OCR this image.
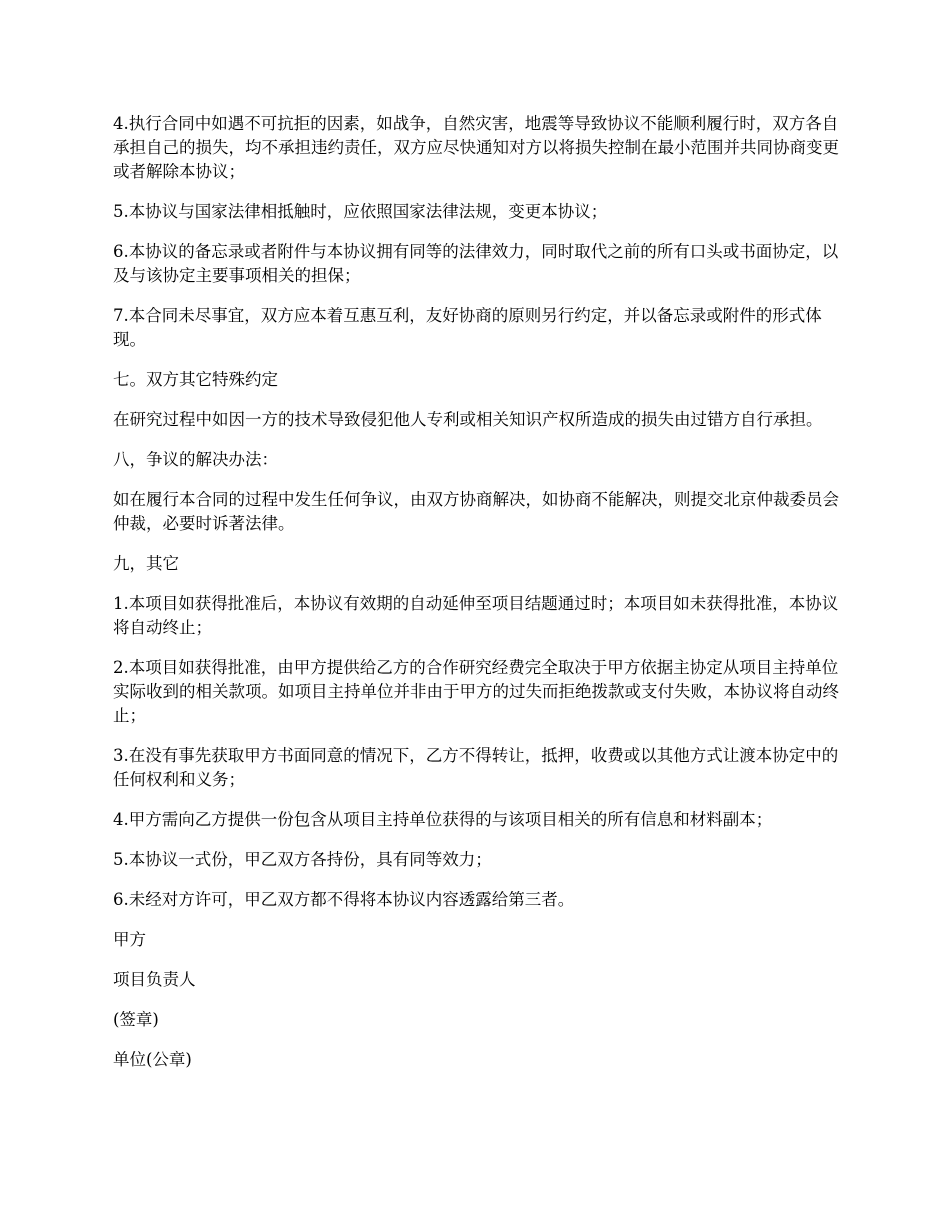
4.执行合同中如遇不可抗拒的因素，如战争，自然灾害，地震等导致协议不能顺利履行时，双方各自承担自己的损失，均不承担违约责任，双方应尽快通知对方以将损失控制在最小范围并共同协商变更或者解除本协议；

5.本协议与国家法律相抵触时，应依照国家法律法规，变更本协议；

6.本协议的备忘录或者附件与本协议拥有同等的法律效力，同时取代之前的所有口头或书面协定，以及与该协定主要事项相关的担保；

7.本合同未尽事宜，双方应本着互惠互利，友好协商的原则另行约定，并以备忘录或附件的形式体现。

七。双方其它特殊约定

在研究过程中如因一方的技术导致侵犯他人专利或相关知识产权所造成的损失由过错方自行承担。

八，争议的解决办法：

如在履行本合同的过程中发生任何争议，由双方协商解决，如协商不能解决，则提交北京仲裁委员会仲裁，必要时诉著法律。

九，其它

1.本项目如获得批准后，本协议有效期的自动延伸至项目结题通过时；本项目如未获得批准，本协议将自动终止；

2.本项目如获得批准，由甲方提供给乙方的合作研究经费完全取决于甲方依据主协定从项目主持单位实际收到的相关款项。如项目主持单位并非由于甲方的过失而拒绝拨款或支付失败，本协议将自动终止；

3.在没有事先获取甲方书面同意的情况下，乙方不得转让，抵押，收费或以其他方式让渡本协定中的任何权利和义务；

4.甲方需向乙方提供一份包含从项目主持单位获得的与该项目相关的所有信息和材料副本；

5.本协议一式份，甲乙双方各持份，具有同等效力；

6.未经对方许可，甲乙双方都不得将本协议内容透露给第三者。

甲方

项目负责人

(签章)

单位(公章)
